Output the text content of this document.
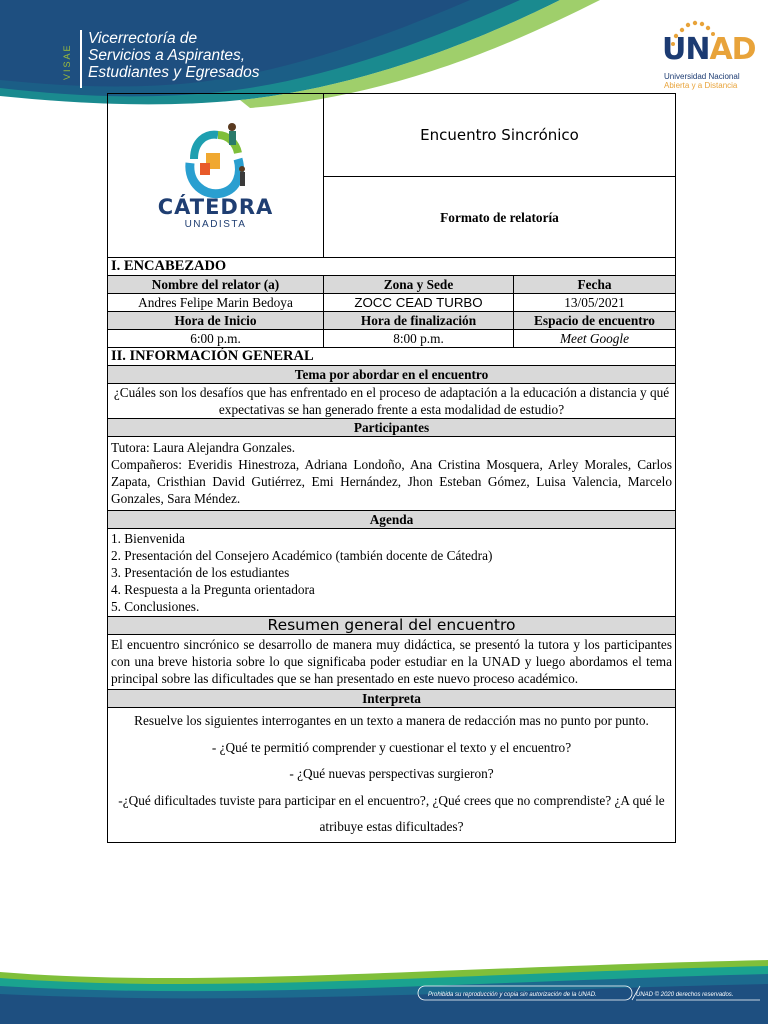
VISAE
Vicerrectoría de
Servicios a Aspirantes,
Estudiantes y Egresados
UNAD
Universidad Nacional
Abierta y a Distancia
CÁTEDRA
UNADISTA	Encuentro Sincrónico	
	Formato de relatoría	
I. ENCABEZADO		
Nombre del relator (a)	Zona y Sede	Fecha
Andres Felipe Marin Bedoya	ZOCC CEAD TURBO	13/05/2021
Hora de Inicio	Hora de finalización	Espacio de encuentro
6:00 p.m.	8:00 p.m.	Meet Google
II. INFORMACIÓN GENERAL		
Tema por abordar en el encuentro		
¿Cuáles son los desafíos que has enfrentado en el proceso de adaptación a la educación a distancia y qué expectativas se han generado frente a esta modalidad de estudio?		
Participantes		

Tutora: Laura Alejandra Gonzales.
Compañeros: Everidis Hinestroza, Adriana Londoño, Ana Cristina Mosquera, Arley Morales, Carlos Zapata, Cristhian David Gutiérrez, Emi Hernández, Jhon Esteban Gómez, Luisa Valencia, Marcelo Gonzales, Sara Méndez.		

Agenda		

1. Bienvenida
2. Presentación del Consejero Académico (también docente de Cátedra)
3. Presentación de los estudiantes
4. Respuesta a la Pregunta orientadora
5. Conclusiones.		

Resumen general del encuentro		
El encuentro sincrónico se desarrollo de manera muy didáctica, se presentó la tutora y los participantes con una breve historia sobre lo que significaba poder estudiar en la UNAD y luego abordamos el tema principal sobre las dificultades que se han presentado en este nuevo proceso académico.		
Interpreta		

Resuelve los siguientes interrogantes en un texto a manera de redacción mas no punto por punto.

- ¿Qué te permitió comprender y cuestionar el texto y el encuentro?

- ¿Qué nuevas perspectivas surgieron?

-¿Qué dificultades tuviste para participar en el encuentro?, ¿Qué crees que no comprendiste? ¿A qué le atribuye estas dificultades?		

Prohibida su reproducción y copia sin autorización de la UNAD.	UNAD © 2020 derechos reservados.
